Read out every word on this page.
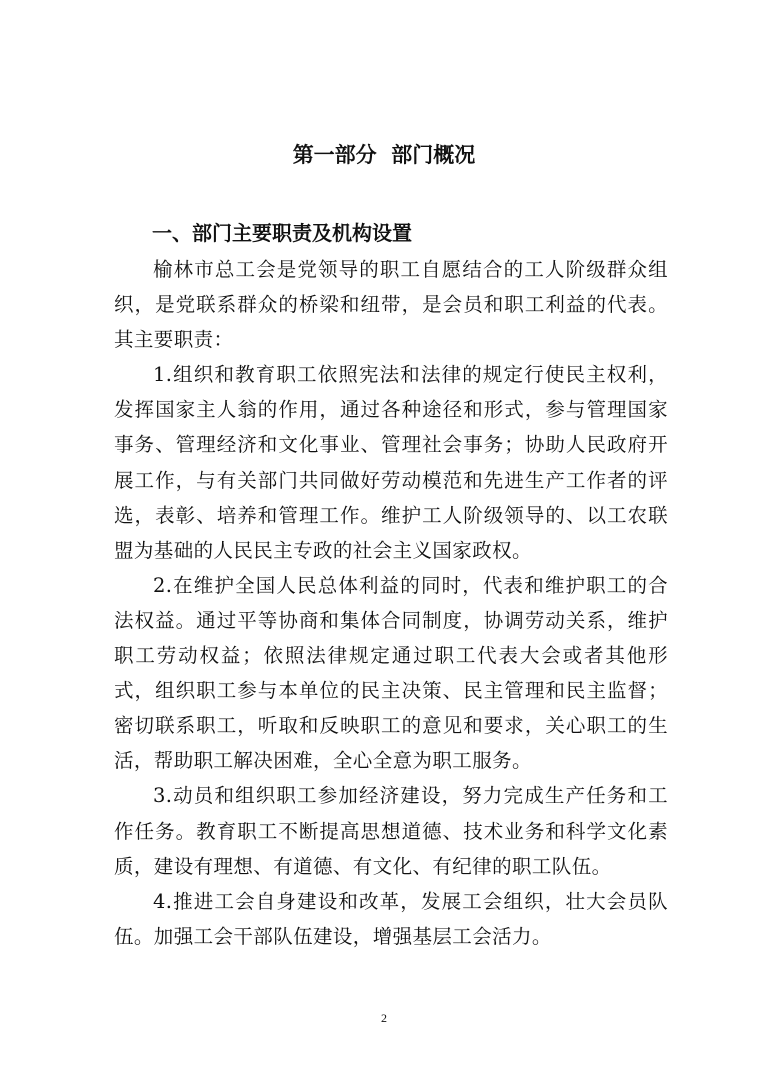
第一部分  部门概况
一、部门主要职责及机构设置

榆林市总工会是党领导的职工自愿结合的工人阶级群众组织，是党联系群众的桥梁和纽带，是会员和职工利益的代表。其主要职责：

1.组织和教育职工依照宪法和法律的规定行使民主权利，发挥国家主人翁的作用，通过各种途径和形式，参与管理国家事务、管理经济和文化事业、管理社会事务；协助人民政府开展工作，与有关部门共同做好劳动模范和先进生产工作者的评选，表彰、培养和管理工作。维护工人阶级领导的、以工农联盟为基础的人民民主专政的社会主义国家政权。

2.在维护全国人民总体利益的同时，代表和维护职工的合法权益。通过平等协商和集体合同制度，协调劳动关系，维护职工劳动权益；依照法律规定通过职工代表大会或者其他形式，组织职工参与本单位的民主决策、民主管理和民主监督；密切联系职工，听取和反映职工的意见和要求，关心职工的生活，帮助职工解决困难，全心全意为职工服务。

3.动员和组织职工参加经济建设，努力完成生产任务和工作任务。教育职工不断提高思想道德、技术业务和科学文化素质，建设有理想、有道德、有文化、有纪律的职工队伍。

4.推进工会自身建设和改革，发展工会组织，壮大会员队伍。加强工会干部队伍建设，增强基层工会活力。

2
